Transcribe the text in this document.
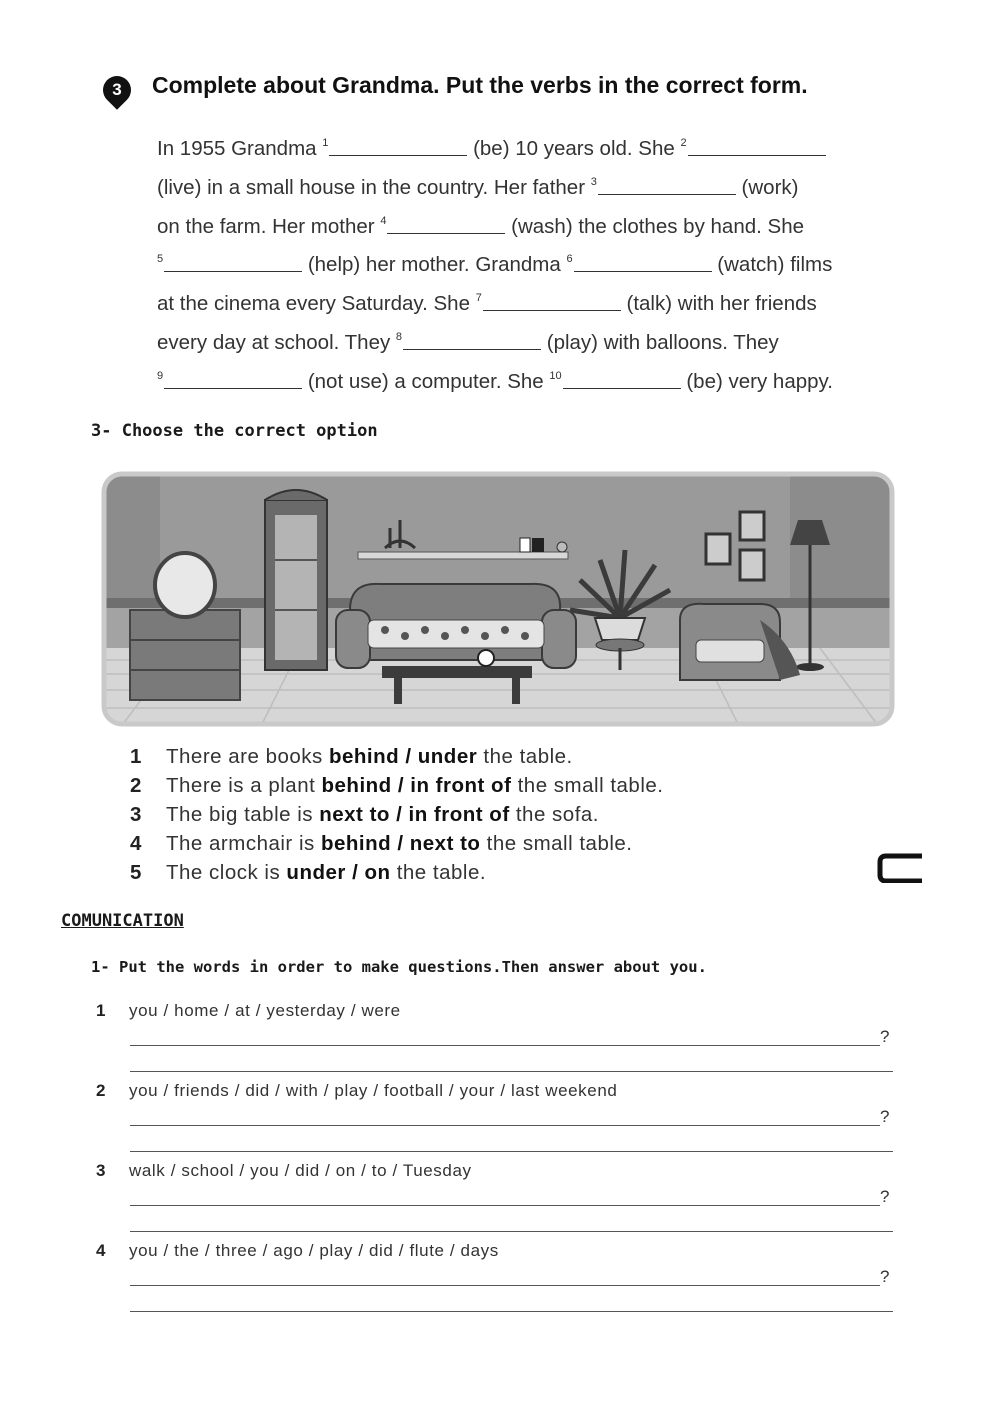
3	Complete about Grandma. Put the verbs in the correct form.
In 1955 Grandma $^1$	(be) 10 years old. She $^2$
(live) in a small house in the country. Her father $^3$	(work)
on the farm. Her mother $^4$	(wash) the clothes by hand. She
$^5$	(help) her mother. Grandma $^6$	(watch) films
at the cinema every Saturday. She $^7$	(talk) with her friends
every day at school. They $^8$	(play) with balloons. They
$^9$	(not use) a computer. She $^{10}$	(be) very happy.
3- Choose the correct option
1 There are books behind / under the table.
2 There is a plant behind / in front of the small table.
3 The big table is next to / in front of the sofa.
4 The armchair is behind / next to the small table.
5 The clock is under / on the table.
COMUNICATION
1- Put the words in order to make questions.Then answer about you.
1 you / home / at / yesterday / were
?
2 you / friends / did / with / play / football / your / last weekend
?
3 walk / school / you / did / on / to / Tuesday
?
4 you / the / three / ago / play / did / flute / days
?
